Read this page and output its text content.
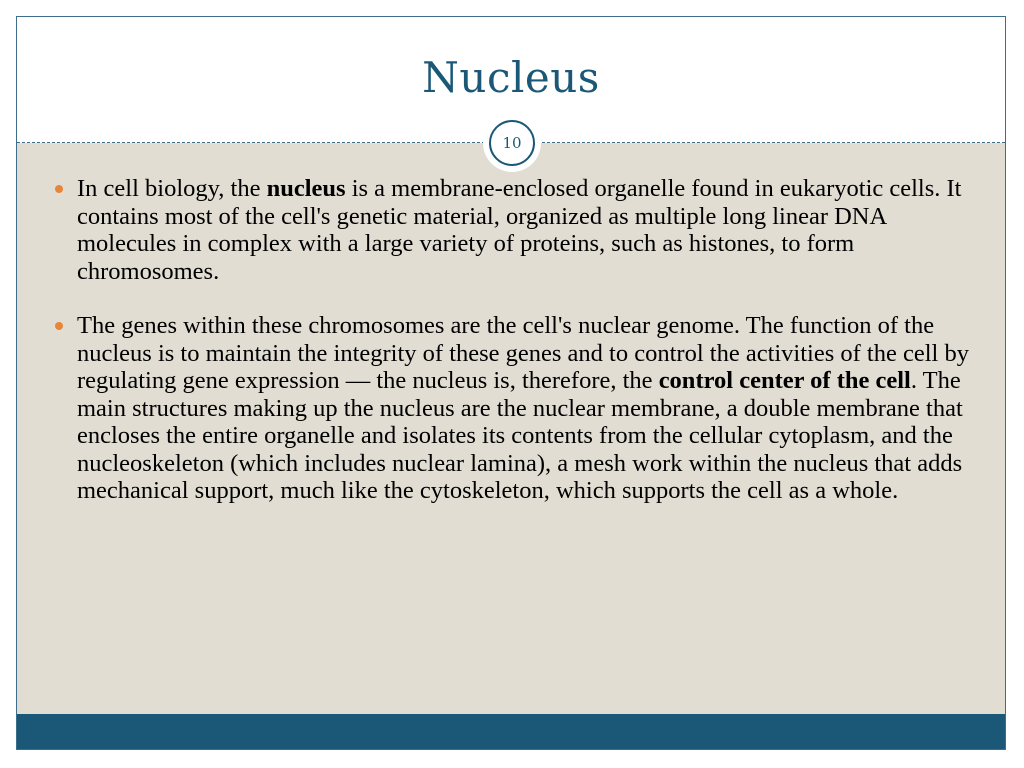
Nucleus
10
In cell biology, the nucleus is a membrane-enclosed organelle found in eukaryotic cells. It contains most of the cell's genetic material, organized as multiple long linear DNA molecules in complex with a large variety of proteins, such as histones, to form chromosomes.
The genes within these chromosomes are the cell's nuclear genome. The function of the nucleus is to maintain the integrity of these genes and to control the activities of the cell by regulating gene expression — the nucleus is, therefore, the control center of the cell. The main structures making up the nucleus are the nuclear membrane, a double membrane that encloses the entire organelle and isolates its contents from the cellular cytoplasm, and the nucleoskeleton (which includes nuclear lamina), a mesh work within the nucleus that adds mechanical support, much like the cytoskeleton, which supports the cell as a whole.
